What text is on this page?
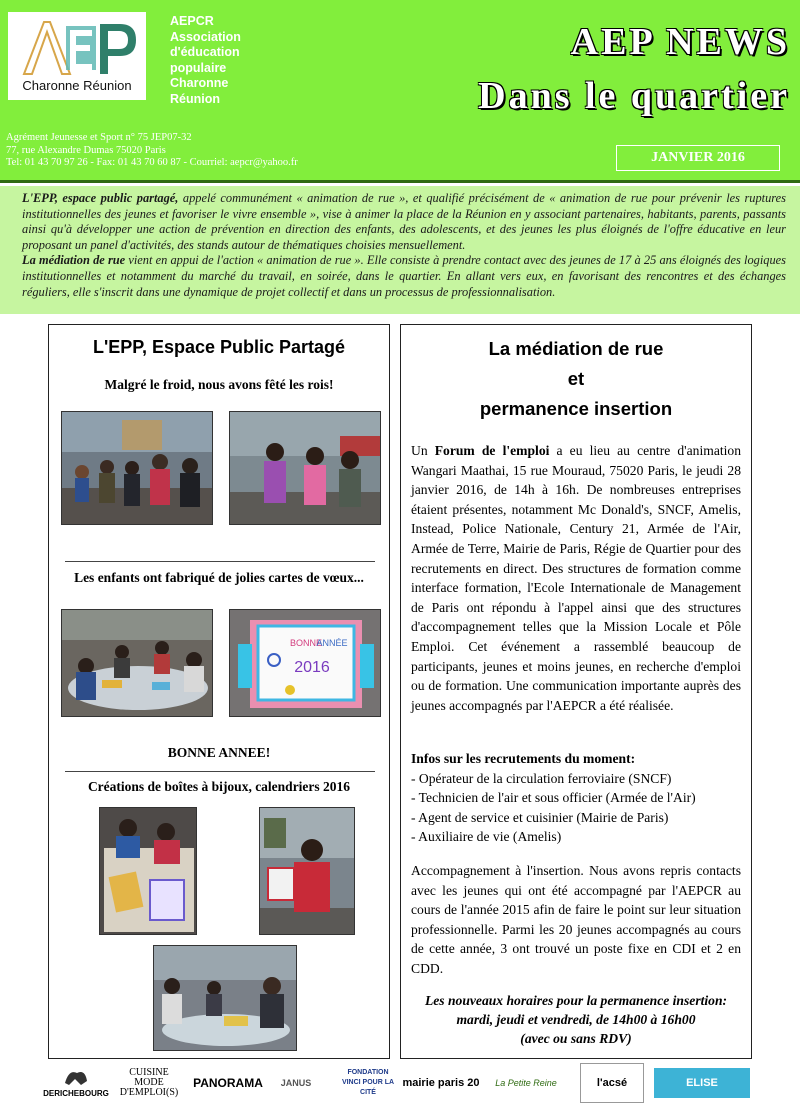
AEP
Charonne Réunion
AEPCR
Association
d'éducation
populaire
Charonne
Réunion
AEP NEWS
Dans le quartier
Agrément Jeunesse et Sport n° 75 JEP07-32
77, rue Alexandre Dumas 75020 Paris
Tel: 01 43 70 97 26 - Fax: 01 43 70 60 87 - Courriel: aepcr@yahoo.fr	JANVIER 2016
L'EPP, espace public partagé, appelé communément « animation de rue », et qualifié précisément de « animation de rue pour prévenir les ruptures institutionnelles des jeunes et favoriser le vivre ensemble », vise à animer la place de la Réunion en y associant partenaires, habitants, parents, passants ainsi qu'à développer une action de prévention en direction des enfants, des adolescents, et des jeunes les plus éloignés de l'offre éducative en leur proposant un panel d'activités, des stands autour de thématiques choisies mensuellement.
La médiation de rue vient en appui de l'action « animation de rue ». Elle consiste à prendre contact avec des jeunes de 17 à 25 ans éloignés des logiques institutionnelles et notamment du marché du travail, en soirée, dans le quartier. En allant vers eux, en favorisant des rencontres et des échanges réguliers, elle s'inscrit dans une dynamique de projet collectif et dans un processus de professionnalisation.
L'EPP, Espace Public Partagé
Malgré le froid, nous avons fêté les rois!
Les enfants ont fabriqué de jolies cartes de vœux...
BONNE
ANNÉE
2016
BONNE ANNEE!
Créations de boîtes à bijoux, calendriers 2016
La médiation de rue
et
permanence insertion

Un Forum de l'emploi a eu lieu au centre d'animation Wangari Maathai, 15 rue Mouraud, 75020 Paris, le jeudi 28 janvier 2016, de 14h à 16h. De nombreuses entreprises étaient présentes, notamment Mc Donald's, SNCF, Amelis, Instead, Police Nationale, Century 21, Armée de l'Air, Armée de Terre, Mairie de Paris, Régie de Quartier pour des recrutements en direct. Des structures de formation comme interface formation, l'Ecole Internationale de Management de Paris ont répondu à l'appel ainsi que des structures d'accompagnement telles que la Mission Locale et Pôle Emploi. Cet événement a rassemblé beaucoup de participants, jeunes et moins jeunes, en recherche d'emploi ou de formation. Une communication importante auprès des jeunes accompagnés par l'AEPCR a été réalisée.

Infos sur les recrutements du moment:
- Opérateur de la circulation ferroviaire (SNCF)
- Technicien de l'air et sous officier (Armée de l'Air)
- Agent de service et cuisinier (Mairie de Paris)
- Auxiliaire de vie (Amelis)
Accompagnement à l'insertion. Nous avons repris contacts avec les jeunes qui ont été accompagné par l'AEPCR au cours de l'année 2015 afin de faire le point sur leur situation professionnelle. Parmi les 20 jeunes accompagnés au cours de cette année, 3 ont trouvé un poste fixe en CDI et 2 en CDD.
Les nouveaux horaires pour la permanence insertion:
mardi, jeudi et vendredi, de 14h00 à 16h00
(avec ou sans RDV)
DERICHEBOURG
CUISINE MODE D'EMPLOI(S)
PANORAMA	JANUS
FONDATION VINCI POUR LA CITÉ
mairie paris 20	La Petite Reine	l'acsé	ELISE
